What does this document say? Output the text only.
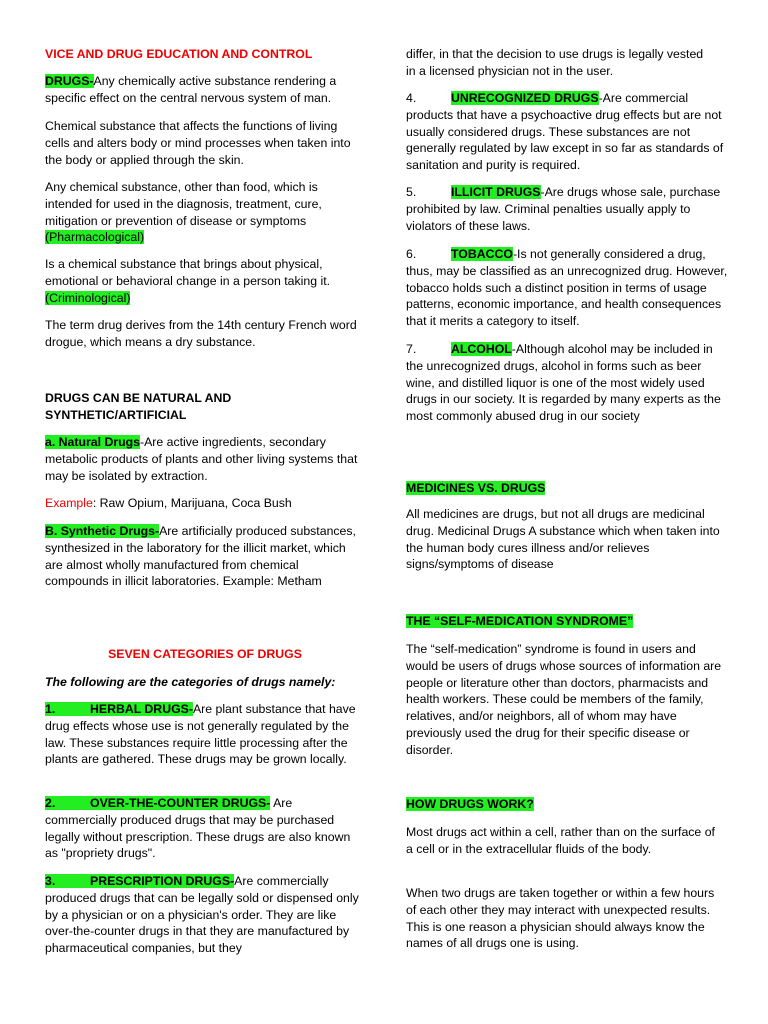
VICE AND DRUG EDUCATION AND CONTROL

DRUGS-Any chemically active substance rendering a specific effect on the central nervous system of man.

Chemical substance that affects the functions of living cells and alters body or mind processes when taken into the body or applied through the skin.

Any chemical substance, other than food, which is intended for used in the diagnosis, treatment, cure, mitigation or prevention of disease or symptoms (Pharmacological)

Is a chemical substance that brings about physical, emotional or behavioral change in a person taking it. (Criminological)

The term drug derives from the 14th century French word drogue, which means a dry substance.

DRUGS CAN BE NATURAL AND SYNTHETIC/ARTIFICIAL

a. Natural Drugs-Are active ingredients, secondary metabolic products of plants and other living systems that may be isolated by extraction.

Example: Raw Opium, Marijuana, Coca Bush

B. Synthetic Drugs-Are artificially produced substances, synthesized in the laboratory for the illicit market, which are almost wholly manufactured from chemical compounds in illicit laboratories. Example: Metham

SEVEN CATEGORIES OF DRUGS

The following are the categories of drugs namely:

1.	HERBAL DRUGS-Are plant substance that have drug effects whose use is not generally regulated by the law. These substances require little processing after the plants are gathered. These drugs may be grown locally.

2.	OVER-THE-COUNTER DRUGS- Are commercially produced drugs that may be purchased legally without prescription. These drugs are also known as "propriety drugs".

3.	PRESCRIPTION DRUGS-Are commercially produced drugs that can be legally sold or dispensed only by a physician or on a physician's order. They are like over-the-counter drugs in that they are manufactured by pharmaceutical companies, but they

differ, in that the decision to use drugs is legally vested in a licensed physician not in the user.

4.	UNRECOGNIZED DRUGS-Are commercial products that have a psychoactive drug effects but are not usually considered drugs. These substances are not generally regulated by law except in so far as standards of sanitation and purity is required.

5.	ILLICIT DRUGS-Are drugs whose sale, purchase prohibited by law. Criminal penalties usually apply to violators of these laws.

6.	TOBACCO-Is not generally considered a drug, thus, may be classified as an unrecognized drug. However, tobacco holds such a distinct position in terms of usage patterns, economic importance, and health consequences that it merits a category to itself.

7.	ALCOHOL-Although alcohol may be included in the unrecognized drugs, alcohol in forms such as beer wine, and distilled liquor is one of the most widely used drugs in our society. It is regarded by many experts as the most commonly abused drug in our society

MEDICINES VS. DRUGS

All medicines are drugs, but not all drugs are medicinal drug. Medicinal Drugs A substance which when taken into the human body cures illness and/or relieves signs/symptoms of disease

THE “SELF-MEDICATION SYNDROME”

The “self-medication” syndrome is found in users and would be users of drugs whose sources of information are people or literature other than doctors, pharmacists and health workers. These could be members of the family, relatives, and/or neighbors, all of whom may have previously used the drug for their specific disease or disorder.

HOW DRUGS WORK?

Most drugs act within a cell, rather than on the surface of a cell or in the extracellular fluids of the body.

When two drugs are taken together or within a few hours of each other they may interact with unexpected results. This is one reason a physician should always know the names of all drugs one is using.
